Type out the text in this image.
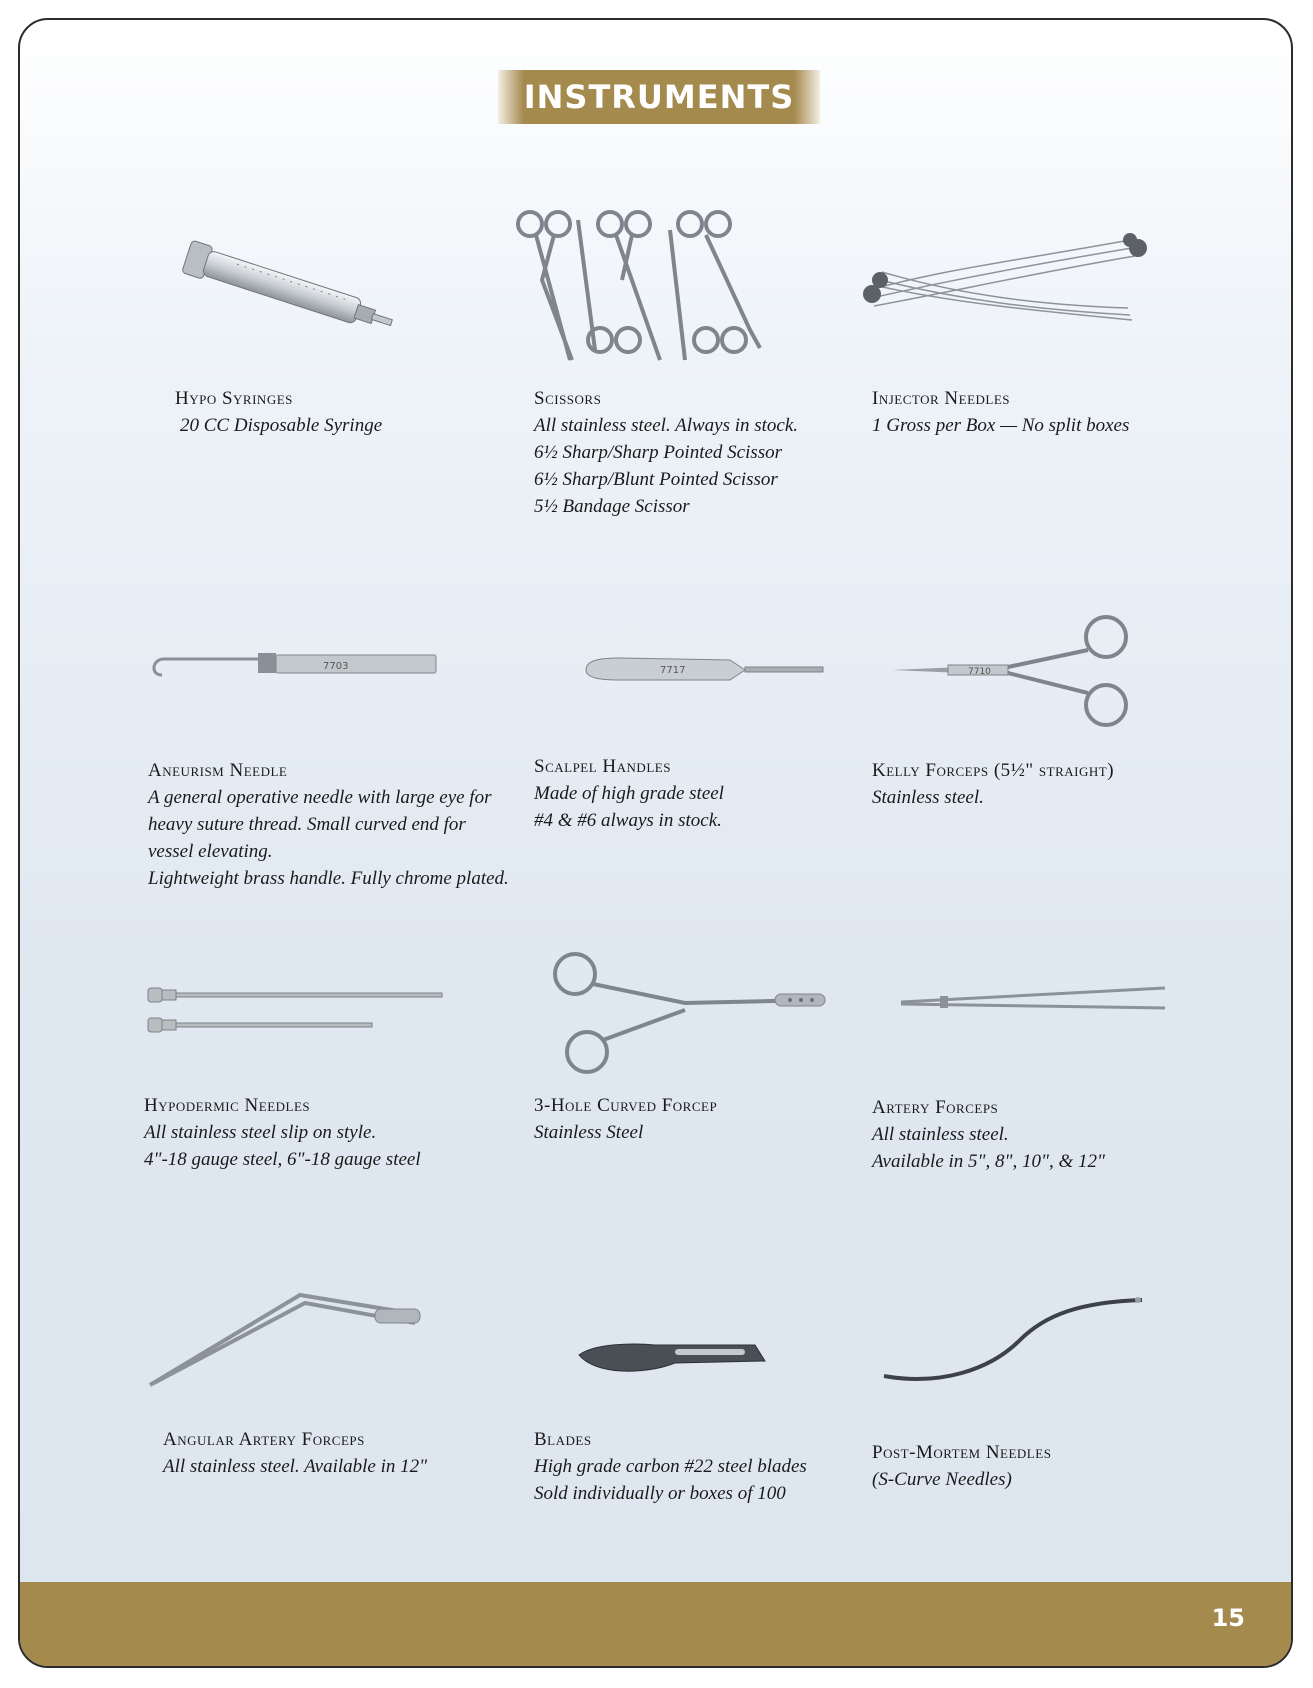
INSTRUMENTS
Hypo Syringes
20 CC Disposable Syringe
Scissors
All stainless steel. Always in stock.
6½ Sharp/Sharp Pointed Scissor
6½ Sharp/Blunt Pointed Scissor
5½ Bandage Scissor
Injector Needles
1 Gross per Box — No split boxes
7703	7717	7710
Aneurism Needle
A general operative needle with large eye for
heavy suture thread. Small curved end for
vessel elevating.
Lightweight brass handle. Fully chrome plated.
Scalpel Handles
Made of high grade steel
#4 & #6 always in stock.
Kelly Forceps (5½" straight)
Stainless steel.
Hypodermic Needles
All stainless steel slip on style.
4"-18 gauge steel, 6"-18 gauge steel
3-Hole Curved Forcep
Stainless Steel
Artery Forceps
All stainless steel.
Available in 5", 8", 10", & 12"
Angular Artery Forceps
All stainless steel. Available in 12"
Blades
High grade carbon #22 steel blades
Sold individually or boxes of 100
Post-Mortem Needles
(S-Curve Needles)
15
